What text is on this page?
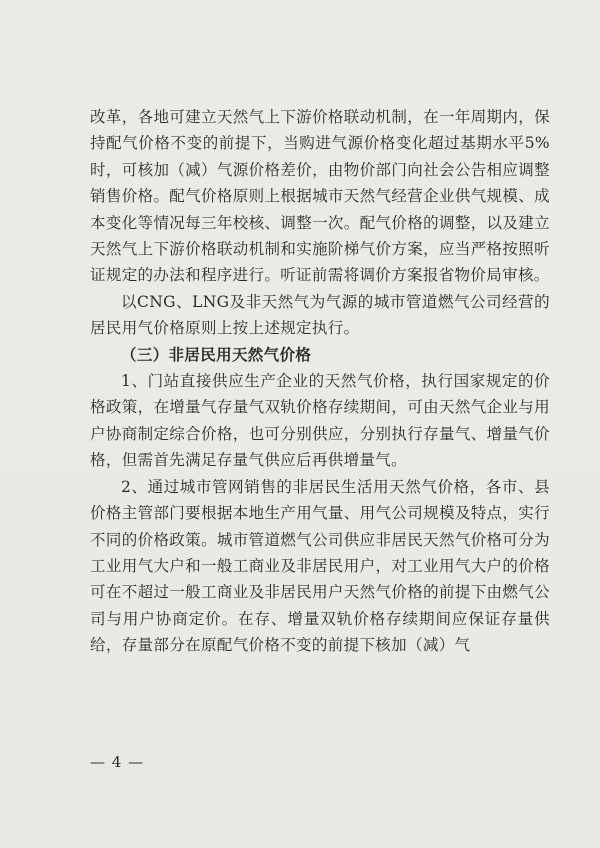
改革，各地可建立天然气上下游价格联动机制，在一年周期内，保持配气价格不变的前提下，当购进气源价格变化超过基期水平5%时，可核加（减）气源价格差价，由物价部门向社会公告相应调整销售价格。配气价格原则上根据城市天然气经营企业供气规模、成本变化等情况每三年校核、调整一次。配气价格的调整，以及建立天然气上下游价格联动机制和实施阶梯气价方案，应当严格按照听证规定的办法和程序进行。听证前需将调价方案报省物价局审核。

以CNG、LNG及非天然气为气源的城市管道燃气公司经营的居民用气价格原则上按上述规定执行。

（三）非居民用天然气价格

1、门站直接供应生产企业的天然气价格，执行国家规定的价格政策，在增量气存量气双轨价格存续期间，可由天然气企业与用户协商制定综合价格，也可分别供应，分别执行存量气、增量气价格，但需首先满足存量气供应后再供增量气。

2、通过城市管网销售的非居民生活用天然气价格，各市、县价格主管部门要根据本地生产用气量、用气公司规模及特点，实行不同的价格政策。城市管道燃气公司供应非居民天然气价格可分为工业用气大户和一般工商业及非居民用户，对工业用气大户的价格可在不超过一般工商业及非居民用户天然气价格的前提下由燃气公司与用户协商定价。在存、增量双轨价格存续期间应保证存量供给，存量部分在原配气价格不变的前提下核加（减）气

— 4 —
